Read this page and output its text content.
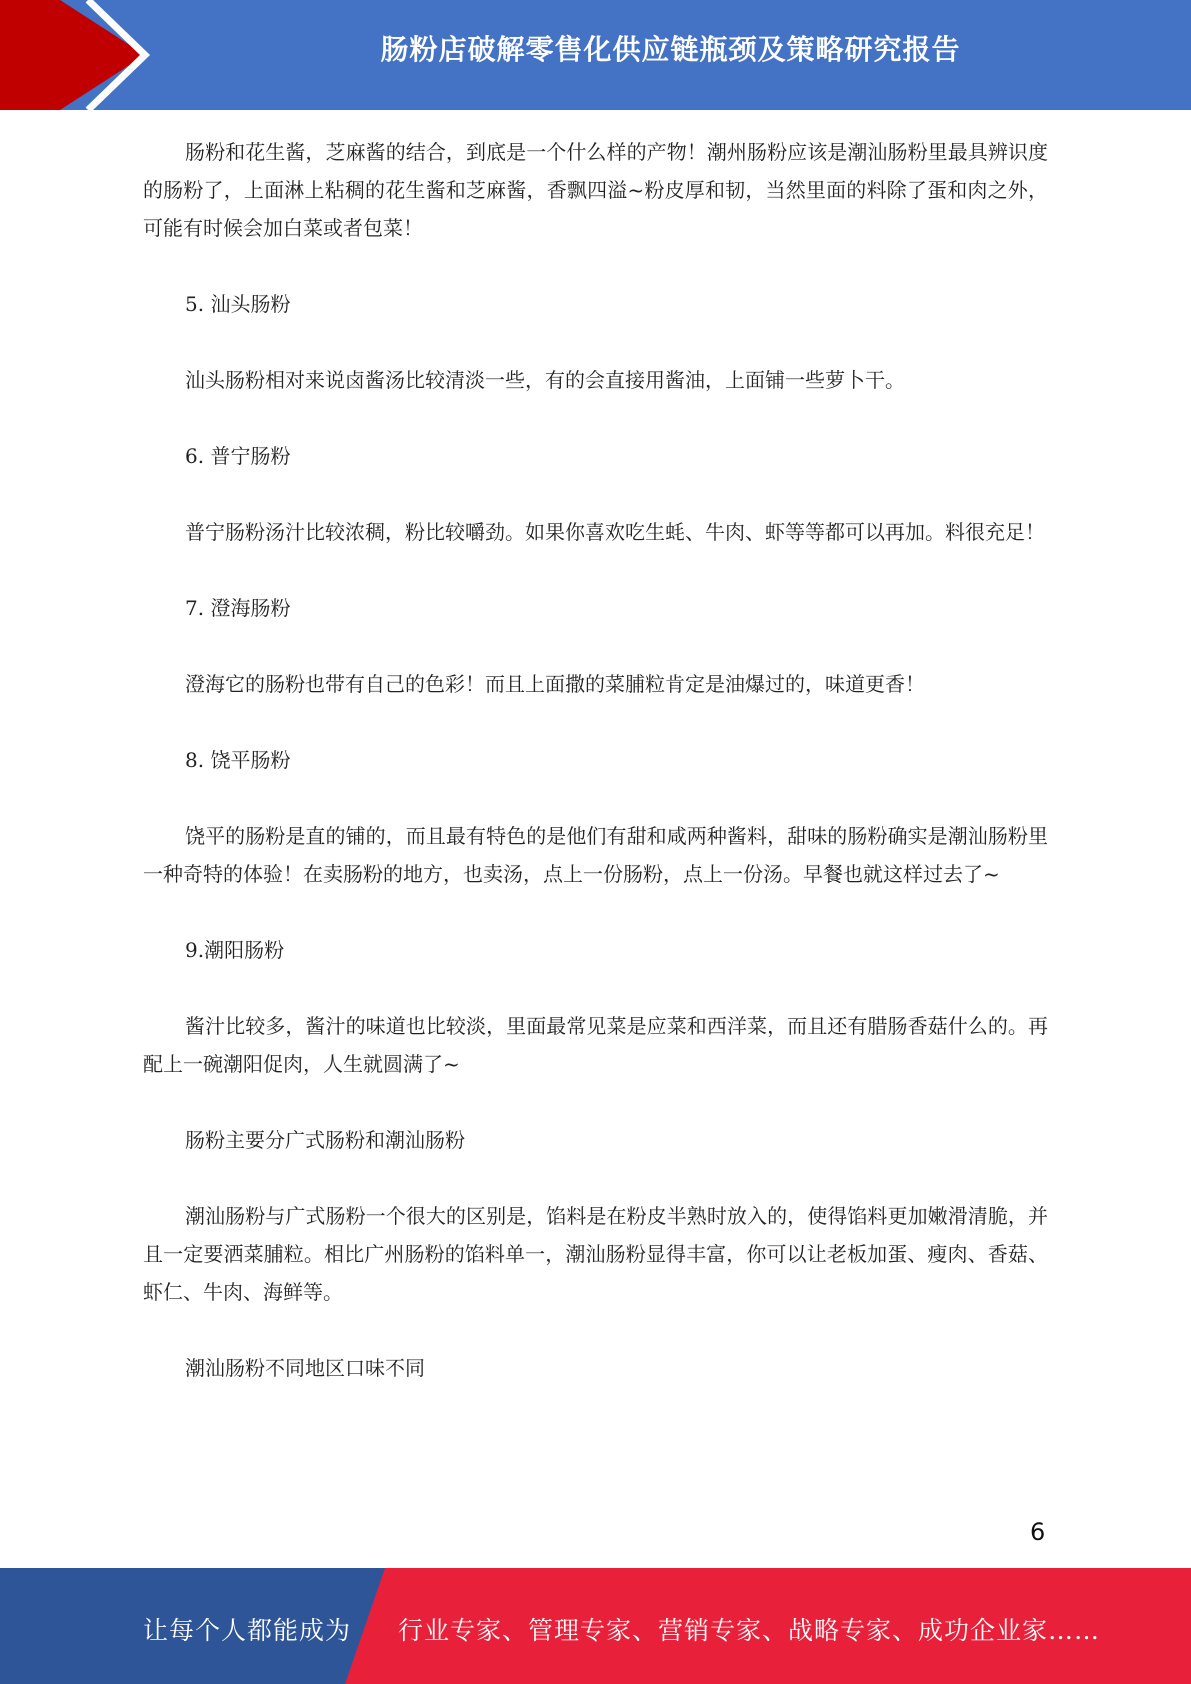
肠粉店破解零售化供应链瓶颈及策略研究报告

肠粉和花生酱，芝麻酱的结合，到底是一个什么样的产物！潮州肠粉应该是潮汕肠粉里最具辨识度的肠粉了，上面淋上粘稠的花生酱和芝麻酱，香飘四溢~粉皮厚和韧，当然里面的料除了蛋和肉之外，可能有时候会加白菜或者包菜！

5. 汕头肠粉

汕头肠粉相对来说卤酱汤比较清淡一些，有的会直接用酱油，上面铺一些萝卜干。

6. 普宁肠粉

普宁肠粉汤汁比较浓稠，粉比较嚼劲。如果你喜欢吃生蚝、牛肉、虾等等都可以再加。料很充足！

7. 澄海肠粉

澄海它的肠粉也带有自己的色彩！而且上面撒的菜脯粒肯定是油爆过的，味道更香！

8. 饶平肠粉

饶平的肠粉是直的铺的，而且最有特色的是他们有甜和咸两种酱料，甜味的肠粉确实是潮汕肠粉里一种奇特的体验！在卖肠粉的地方，也卖汤，点上一份肠粉，点上一份汤。早餐也就这样过去了~

9.潮阳肠粉

酱汁比较多，酱汁的味道也比较淡，里面最常见菜是应菜和西洋菜，而且还有腊肠香菇什么的。再配上一碗潮阳促肉，人生就圆满了~

肠粉主要分广式肠粉和潮汕肠粉

潮汕肠粉与广式肠粉一个很大的区别是，馅料是在粉皮半熟时放入的，使得馅料更加嫩滑清脆，并且一定要洒菜脯粒。相比广州肠粉的馅料单一，潮汕肠粉显得丰富，你可以让老板加蛋、瘦肉、香菇、虾仁、牛肉、海鲜等。

潮汕肠粉不同地区口味不同

6
让每个人都能成为 行业专家、管理专家、营销专家、战略专家、成功企业家……
